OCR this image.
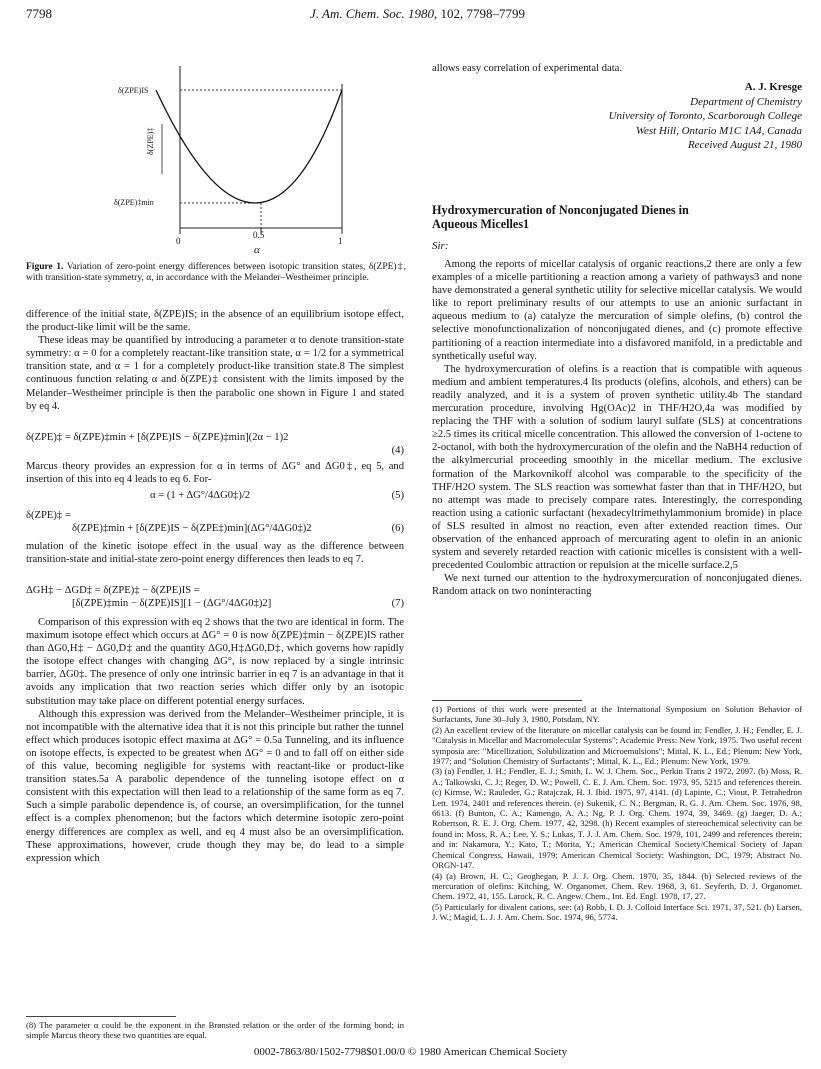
7798	J. Am. Chem. Soc. 1980, 102, 7798–7799
δ(ZPE)IS
δ(ZPE)‡
δ(ZPE)‡min
0
0.5
1
α
Figure 1. Variation of zero-point energy differences between isotopic transition states, δ(ZPE)‡, with transition-state symmetry, α, in accordance with the Melander–Westheimer principle.

difference of the initial state, δ(ZPE)IS; in the absence of an equilibrium isotope effect, the product-like limit will be the same.

These ideas may be quantified by introducing a parameter α to denote transition-state symmetry: α = 0 for a completely reactant-like transition state, α = 1/2 for a symmetrical transition state, and α = 1 for a completely product-like transition state.8 The simplest continuous function relating α and δ(ZPE)‡ consistent with the limits imposed by the Melander–Westheimer principle is then the parabolic one shown in Figure 1 and stated by eq 4.

δ(ZPE)‡ = δ(ZPE)‡min + [δ(ZPE)IS − δ(ZPE)‡min](2α − 1)2
(4)

Marcus theory provides an expression for α in terms of ΔG° and ΔG0‡, eq 5, and insertion of this into eq 4 leads to eq 6. For-

α = (1 + ΔG°/4ΔG0‡)/2	(5)
δ(ZPE)‡ =
δ(ZPE)‡min + [δ(ZPE)IS − δ(ZPE‡)min](ΔG°/4ΔG0‡)2	(6)

mulation of the kinetic isotope effect in the usual way as the difference between transition-state and initial-state zero-point energy differences then leads to eq 7.

ΔGH‡ − ΔGD‡ = δ(ZPE)‡ − δ(ZPE)IS =
[δ(ZPE)‡min − δ(ZPE)IS][1 − (ΔG°/4ΔG0‡)2]	(7)

Comparison of this expression with eq 2 shows that the two are identical in form. The maximum isotope effect which occurs at ΔG° = 0 is now δ(ZPE)‡min − δ(ZPE)IS rather than ΔG0,H‡ − ΔG0,D‡ and the quantity ΔG0,H‡ΔG0,D‡, which governs how rapidly the isotope effect changes with changing ΔG°, is now replaced by a single intrinsic barrier, ΔG0‡. The presence of only one intrinsic barrier in eq 7 is an advantage in that it avoids any implication that two reaction series which differ only by an isotopic substitution may take place on different potential energy surfaces.

Although this expression was derived from the Melander–Westheimer principle, it is not incompatible with the alternative idea that it is not this principle but rather the tunnel effect which produces isotopic effect maxima at ΔG° = 0.5a Tunneling, and its influence on isotope effects, is expected to be greatest when ΔG° = 0 and to fall off on either side of this value, becoming negligible for systems with reactant-like or product-like transition states.5a A parabolic dependence of the tunneling isotope effect on α consistent with this expectation will then lead to a relationship of the same form as eq 7. Such a simple parabolic dependence is, of course, an oversimplification, for the tunnel effect is a complex phenomenon; but the factors which determine isotopic zero-point energy differences are complex as well, and eq 4 must also be an oversimplification. These approximations, however, crude though they may be, do lead to a simple expression which

(8) The parameter α could be the exponent in the Brønsted relation or the order of the forming bond; in simple Marcus theory these two quantities are equal.

allows easy correlation of experimental data.

A. J. Kresge
Department of Chemistry
University of Toronto, Scarborough College
West Hill, Ontario M1C 1A4, Canada
Received August 21, 1980
Hydroxymercuration of Nonconjugated Dienes in
Aqueous Micelles1
Sir:

Among the reports of micellar catalysis of organic reactions,2 there are only a few examples of a micelle partitioning a reaction among a variety of pathways3 and none have demonstrated a general synthetic utility for selective micellar catalysis. We would like to report preliminary results of our attempts to use an anionic surfactant in aqueous medium to (a) catalyze the mercuration of simple olefins, (b) control the selective monofunctionalization of nonconjugated dienes, and (c) promote effective partitioning of a reaction intermediate into a disfavored manifold, in a predictable and synthetically useful way.

The hydroxymercuration of olefins is a reaction that is compatible with aqueous medium and ambient temperatures.4 Its products (olefins, alcohols, and ethers) can be readily analyzed, and it is a system of proven synthetic utility.4b The standard mercuration procedure, involving Hg(OAc)2 in THF/H2O,4a was modified by replacing the THF with a solution of sodium lauryl sulfate (SLS) at concentrations ≥2.5 times its critical micelle concentration. This allowed the conversion of 1-octene to 2-octanol, with both the hydroxymercuration of the olefin and the NaBH4 reduction of the alkylmercurial proceeding smoothly in the micellar medium. The exclusive formation of the Markovnikoff alcohol was comparable to the specificity of the THF/H2O system. The SLS reaction was somewhat faster than that in THF/H2O, but no attempt was made to precisely compare rates. Interestingly, the corresponding reaction using a cationic surfactant (hexadecyltrimethylammonium bromide) in place of SLS resulted in almost no reaction, even after extended reaction times. Our observation of the enhanced approach of mercurating agent to olefin in an anionic system and severely retarded reaction with cationic micelles is consistent with a well-precedented Coulombic attraction or repulsion at the micelle surface.2,5

We next turned our attention to the hydroxymercuration of nonconjugated dienes. Random attack on two noninteracting

(1) Portions of this work were presented at the International Symposium on Solution Behavior of Surfactants, June 30–July 3, 1980, Potsdam, NY.

(2) An excellent review of the literature on micellar catalysis can be found in: Fendler, J. H.; Fendler, E. J. "Catalysis in Micellar and Macromolecular Systems"; Academic Press: New York, 1975. Two useful recent symposia are: "Micellization, Solubilization and Microemulsions"; Mittal, K. L., Ed.; Plenum: New York, 1977; and "Solution Chemistry of Surfactants"; Mittal, K. L., Ed.; Plenum: New York, 1979.

(3) (a) Fendler, J. H.; Fendler, E. J.; Smith, L. W. J. Chem. Soc., Perkin Trans 2 1972, 2097. (b) Moss, R. A.; Talkowski, C. J.; Reger, D. W.; Powell, C. E. J. Am. Chem. Soc. 1973, 95, 5215 and references therein. (c) Kirmse, W.; Rauleder, G.; Ratajczak, H. J. Ibid. 1975, 97, 4141. (d) Lapinte, C.; Viout, P. Tetrahedron Lett. 1974, 2401 and references therein. (e) Sukenik, C. N.; Bergman, R. G. J. Am. Chem. Soc. 1976, 98, 6613. (f) Bunton, C. A.; Kamengo, A. A.; Ng, P. J. Org. Chem. 1974, 39, 3469. (g) Jaeger, D. A.; Robertson, R. E. J. Org. Chem. 1977, 42, 3298. (h) Recent examples of stereochemical selectivity can be found in: Moss, R. A.; Lee, Y. S.; Lukas, T. J. J. Am. Chem. Soc. 1979, 101, 2499 and references therein; and in: Nakamura, Y.; Kato, T.; Morita, Y.; American Chemical Society/Chemical Society of Japan Chemical Congress, Hawaii, 1979; American Chemical Society: Washington, DC, 1979; Abstract No. ORGN-147.

(4) (a) Brown, H. C.; Geoghegan, P. J. J. Org. Chem. 1970, 35, 1844. (b) Selected reviews of the mercuration of olefins: Kitching, W. Organomet. Chem. Rev. 1968, 3, 61. Seyferth, D. J. Organomet. Chem. 1972, 41, 155. Larock, R. C. Angew. Chem., Int. Ed. Engl. 1978, 17, 27.

(5) Particularly for divalent cations, see: (a) Robb, I. D. J. Colloid Interface Sci. 1971, 37, 521. (b) Larsen, J. W.; Magid, L. J. J. Am. Chem. Soc. 1974, 96, 5774.

0002-7863/80/1502-7798$01.00/0 © 1980 American Chemical Society
